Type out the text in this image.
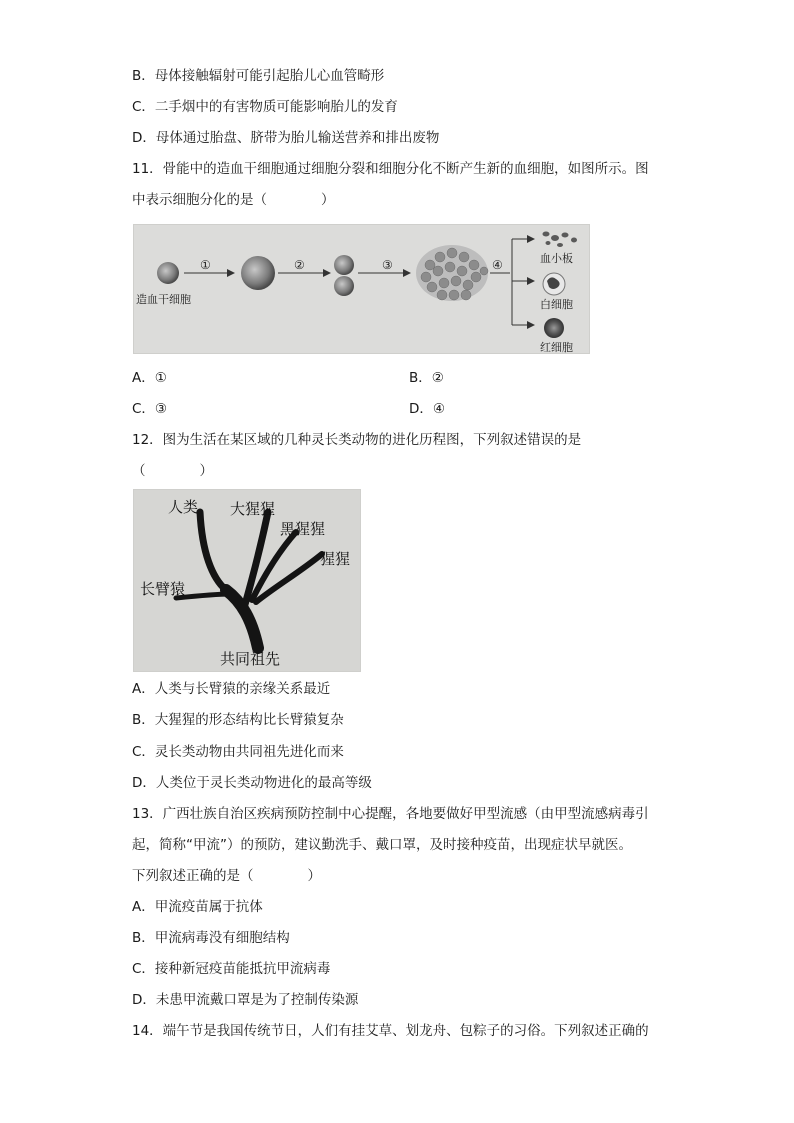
B．母体接触辐射可能引起胎儿心血管畸形
C．二手烟中的有害物质可能影响胎儿的发育
D．母体通过胎盘、脐带为胎儿输送营养和排出废物
11．骨能中的造血干细胞通过细胞分裂和细胞分化不断产生新的血细胞，如图所示。图
中表示细胞分化的是（　　　　）
造血干细胞
①	②	③	④	血小板
白细胞
红细胞
A．①	B．②
C．③	D．④
12．图为生活在某区域的几种灵长类动物的进化历程图，下列叙述错误的是
（　　　　）
人类 大猩猩
黑猩猩
猩猩
长臂猿
共同祖先
A．人类与长臂猿的亲缘关系最近
B．大猩猩的形态结构比长臂猿复杂
C．灵长类动物由共同祖先进化而来
D．人类位于灵长类动物进化的最高等级
13．广西壮族自治区疾病预防控制中心提醒，各地要做好甲型流感（由甲型流感病毒引
起，简称“甲流”）的预防，建议勤洗手、戴口罩，及时接种疫苗，出现症状早就医。
下列叙述正确的是（　　　　）
A．甲流疫苗属于抗体
B．甲流病毒没有细胞结构
C．接种新冠疫苗能抵抗甲流病毒
D．未患甲流戴口罩是为了控制传染源
14．端午节是我国传统节日，人们有挂艾草、划龙舟、包粽子的习俗。下列叙述正确的
